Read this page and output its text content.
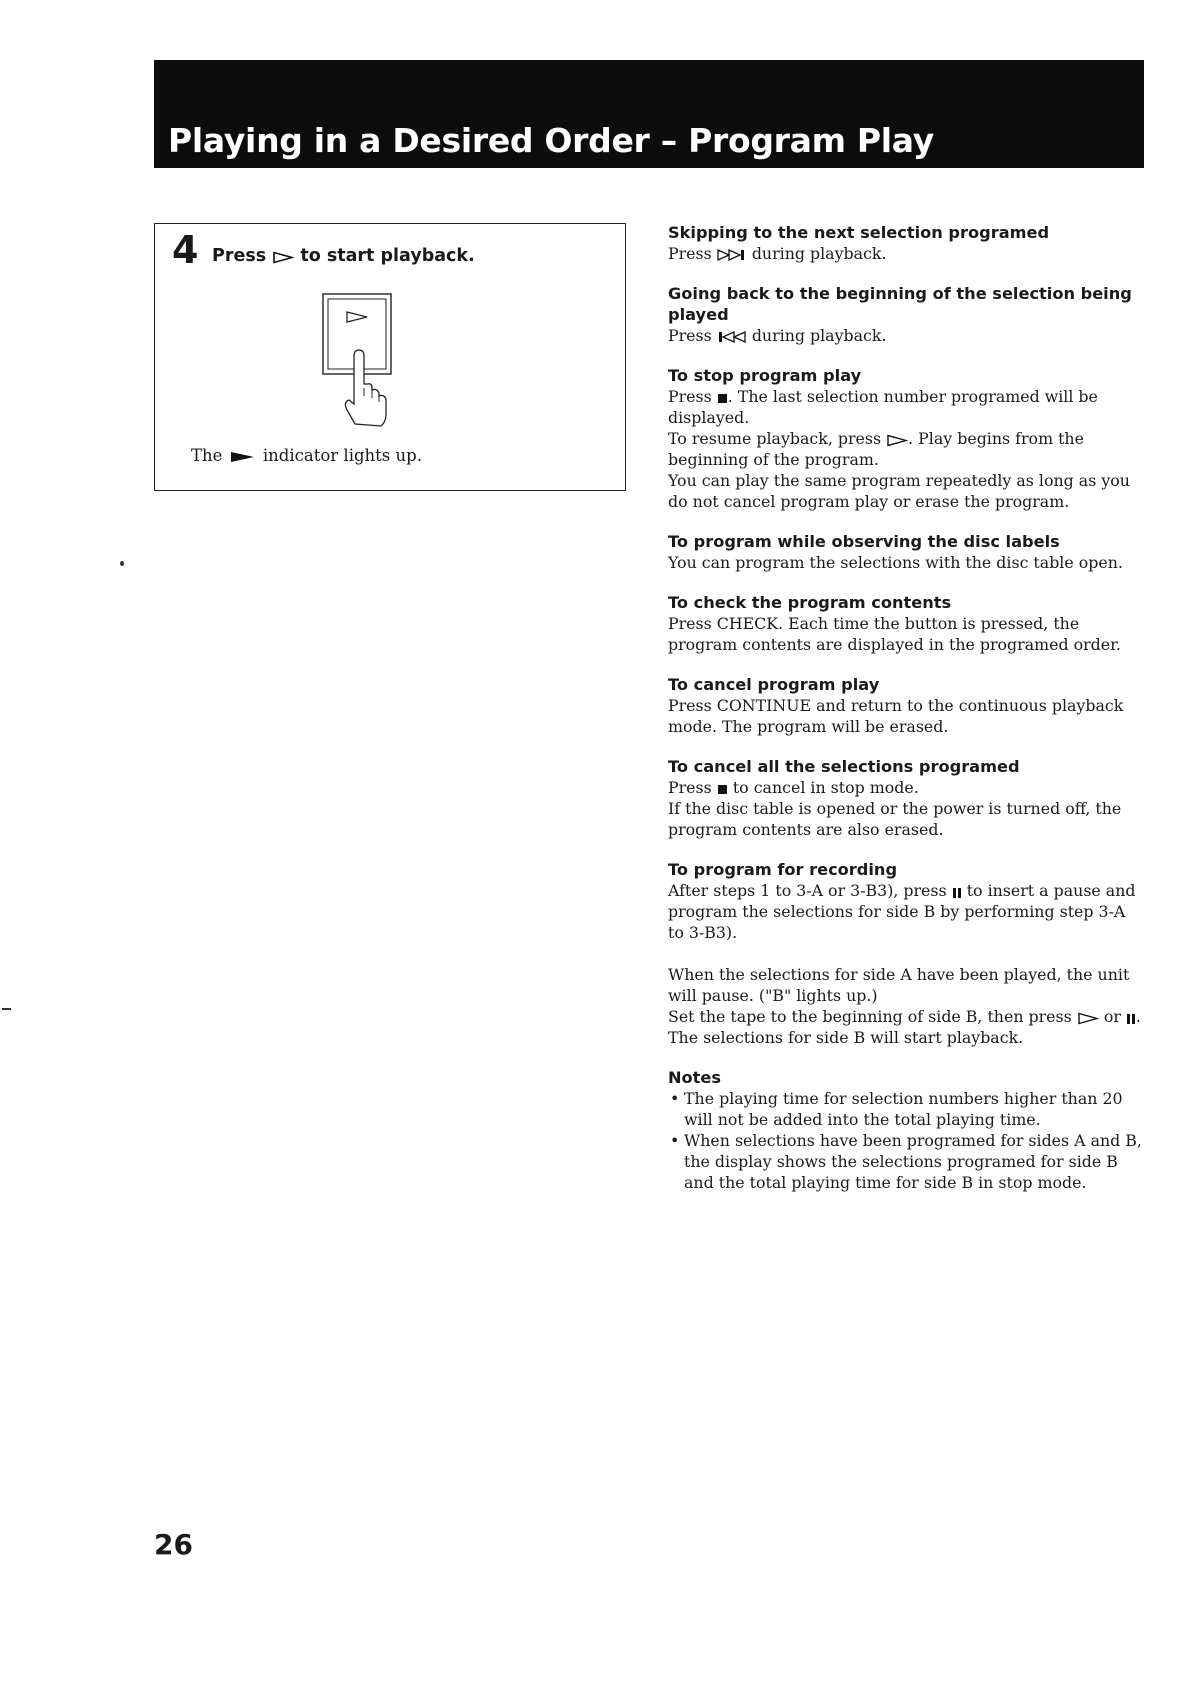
Playing in a Desired Order – Program Play
4 Press to start playback.
The indicator lights up.
Skipping to the next selection programed

Press	during playback.

Going back to the beginning of the selection being played

Press	during playback.

To stop program play

Press . The last selection number programed will be displayed.

To resume playback, press . Play begins from the beginning of the program.

You can play the same program repeatedly as long as you do not cancel program play or erase the program.

To program while observing the disc labels

You can program the selections with the disc table open.

To check the program contents

Press CHECK. Each time the button is pressed, the program contents are displayed in the programed order.

To cancel program play

Press CONTINUE and return to the continuous playback mode. The program will be erased.

To cancel all the selections programed

Press to cancel in stop mode.

If the disc table is opened or the power is turned off, the program contents are also erased.

To program for recording

After steps 1 to 3-A or 3-B3), press to insert a pause and program the selections for side B by performing step 3-A to 3-B3).

When the selections for side A have been played, the unit will pause. ("B" lights up.)

Set the tape to the beginning of side B, then press or .

The selections for side B will start playback.

Notes
• The playing time for selection numbers higher than 20 will not be added into the total playing time.
• When selections have been programed for sides A and B, the display shows the selections programed for side B and the total playing time for side B in stop mode.
26
